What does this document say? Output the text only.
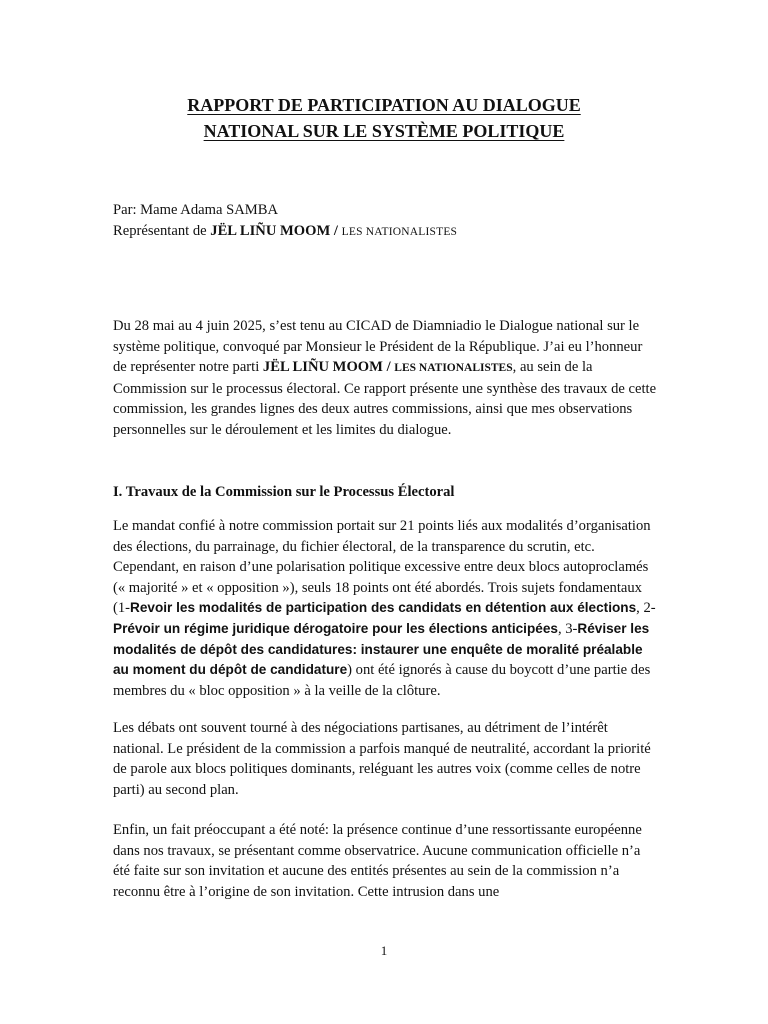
RAPPORT DE PARTICIPATION AU DIALOGUE
NATIONAL SUR LE SYSTÈME POLITIQUE
Par: Mame Adama SAMBA
Représentant de JËL LIÑU MOOM / LES NATIONALISTES

Du 28 mai au 4 juin 2025, s’est tenu au CICAD de Diamniadio le Dialogue national sur le système politique, convoqué par Monsieur le Président de la République. J’ai eu l’honneur de représenter notre parti JËL LIÑU MOOM / LES NATIONALISTES, au sein de la Commission sur le processus électoral. Ce rapport présente une synthèse des travaux de cette commission, les grandes lignes des deux autres commissions, ainsi que mes observations personnelles sur le déroulement et les limites du dialogue.

I. Travaux de la Commission sur le Processus Électoral

Le mandat confié à notre commission portait sur 21 points liés aux modalités d’organisation des élections, du parrainage, du fichier électoral, de la transparence du scrutin, etc. Cependant, en raison d’une polarisation politique excessive entre deux blocs autoproclamés (« majorité » et « opposition »), seuls 18 points ont été abordés. Trois sujets fondamentaux (1-Revoir les modalités de participation des candidats en détention aux élections, 2-Prévoir un régime juridique dérogatoire pour les élections anticipées, 3-Réviser les modalités de dépôt des candidatures: instaurer une enquête de moralité préalable au moment du dépôt de candidature) ont été ignorés à cause du boycott d’une partie des membres du « bloc opposition » à la veille de la clôture.

Les débats ont souvent tourné à des négociations partisanes, au détriment de l’intérêt national. Le président de la commission a parfois manqué de neutralité, accordant la priorité de parole aux blocs politiques dominants, reléguant les autres voix (comme celles de notre parti) au second plan.

Enfin, un fait préoccupant a été noté: la présence continue d’une ressortissante européenne dans nos travaux, se présentant comme observatrice. Aucune communication officielle n’a été faite sur son invitation et aucune des entités présentes au sein de la commission n’a reconnu être à l’origine de son invitation. Cette intrusion dans une

1
